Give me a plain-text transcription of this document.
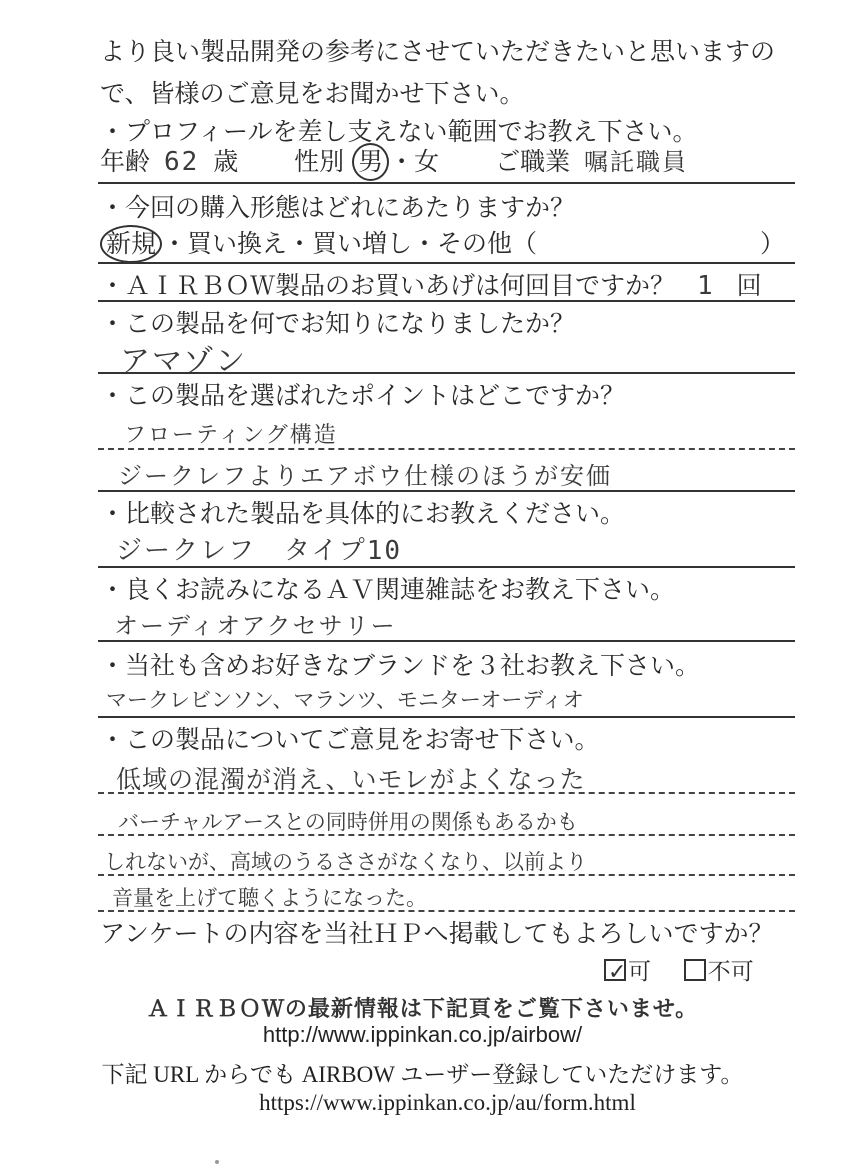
より良い製品開発の参考にさせていただきたいと思いますの
で、皆様のご意見をお聞かせ下さい。
・プロフィールを差し支えない範囲でお教え下さい。
年齢 62 歳 性別 男 ・女 ご職業 嘱託職員
・今回の購入形態はどれにあたりますか？
新規 ・買い換え・買い増し・その他（	）
・ＡＩＲＢＯＷ製品のお買いあげは何回目ですか？ 1 回
・この製品を何でお知りになりましたか？
アマゾン
・この製品を選ばれたポイントはどこですか？
フローティング構造
ジークレフよりエアボウ仕様のほうが安価
・比較された製品を具体的にお教えください。
ジークレフ　タイプ10
・良くお読みになるＡＶ関連雑誌をお教え下さい。
オーディオアクセサリー
・当社も含めお好きなブランドを３社お教え下さい。
マークレビンソン、マランツ、モニターオーディオ
・この製品についてご意見をお寄せ下さい。
低域の混濁が消え、いモレがよくなった
バーチャルアースとの同時併用の関係もあるかも
しれないが、高域のうるささがなくなり、以前より
音量を上げて聴くようになった。
アンケートの内容を当社ＨＰへ掲載してもよろしいですか？
✓ 可 不可
ＡＩＲＢＯＷの最新情報は下記頁をご覧下さいませ。
http://www.ippinkan.co.jp/airbow/
下記 URL からでも AIRBOW ユーザー登録していただけます。
https://www.ippinkan.co.jp/au/form.html
